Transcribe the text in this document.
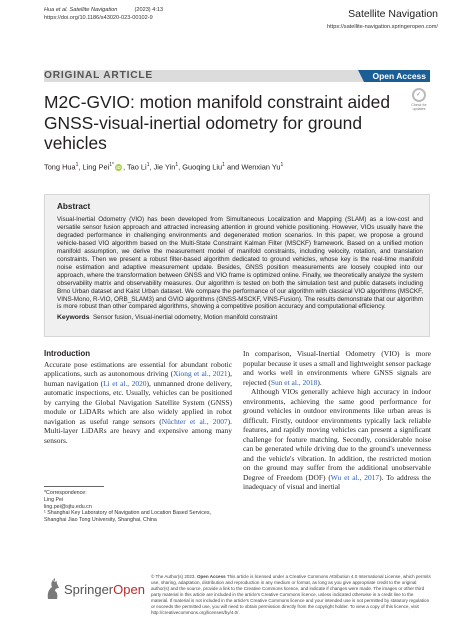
Hua et al. Satellite Navigation	(2023) 4:13
https://doi.org/10.1186/s43020-023-00102-9	Satellite Navigation
https://satellite-navigation.springeropen.com/
ORIGINAL ARTICLE	Open Access
✓
Check for updates
M2C-GVIO: motion manifold constraint aided GNSS-visual-inertial odometry for ground vehicles
Tong Hua$^1$, Ling Pei$^{1*}$ iD , Tao Li$^1$, Jie Yin$^1$, Guoqing Liu$^1$ and Wenxian Yu$^1$
Abstract
Visual-Inertial Odometry (VIO) has been developed from Simultaneous Localization and Mapping (SLAM) as a low-cost and versatile sensor fusion approach and attracted increasing attention in ground vehicle positioning. However, VIOs usually have the degraded performance in challenging environments and degenerated motion scenarios. In this paper, we propose a ground vehicle-based VIO algorithm based on the Multi-State Constraint Kalman Filter (MSCKF) framework. Based on a unified motion manifold assumption, we derive the measurement model of manifold constraints, including velocity, rotation, and translation constraints. Then we present a robust filter-based algorithm dedicated to ground vehicles, whose key is the real-time manifold noise estimation and adaptive measurement update. Besides, GNSS position measurements are loosely coupled into our approach, where the transformation between GNSS and VIO frame is optimized online. Finally, we theoretically analyze the system observability matrix and observability measures. Our algorithm is tested on both the simulation test and public datasets including Brno Urban dataset and Kaist Urban dataset. We compare the performance of our algorithm with classical VIO algorithms (MSCKF, VINS-Mono, R-VIO, ORB_SLAM3) and GVIO algorithms (GNSS-MSCKF, VINS-Fusion). The results demonstrate that our algorithm is more robust than other compared algorithms, showing a competitive position accuracy and computational efficiency.
Keywords Sensor fusion, Visual-inertial odometry, Motion manifold constraint
Introduction

Accurate pose estimations are essential for abundant robotic applications, such as autonomous driving (Xiong et al., 2021), human navigation (Li et al., 2020), unmanned drone delivery, automatic inspections, etc. Usually, vehicles can be positioned by carrying the Global Navigation Satellite System (GNSS) module or LiDARs which are also widely applied in robot navigation as useful range sensors (Nüchter et al., 2007). Multi-layer LiDARs are heavy and expensive among many sensors.

In comparison, Visual-Inertial Odometry (VIO) is more popular because it uses a small and lightweight sensor package and works well in environments where GNSS signals are rejected (Sun et al., 2018).

Although VIOs generally achieve high accuracy in indoor environments, achieving the same good performance for ground vehicles in outdoor environments like urban areas is difficult. Firstly, outdoor environments typically lack reliable features, and rapidly moving vehicles can present a significant challenge for feature matching. Secondly, considerable noise can be generated while driving due to the ground's unevenness and the vehicle's vibration. In addition, the restricted motion on the ground may suffer from the additional unobservable Degree of Freedom (DOF) (Wu et al., 2017). To address the inadequacy of visual and inertial

*Correspondence:
Ling Pei
ling.pei@sjtu.edu.cn
¹ Shanghai Key Laboratory of Navigation and Location Based Services,
Shanghai Jiao Tong University, Shanghai, China
SpringerOpen
© The Author(s) 2023. Open Access This article is licensed under a Creative Commons Attribution 4.0 International License, which permits use, sharing, adaptation, distribution and reproduction in any medium or format, as long as you give appropriate credit to the original author(s) and the source, provide a link to the Creative Commons licence, and indicate if changes were made. The images or other third party material in this article are included in the article's Creative Commons licence, unless indicated otherwise in a credit line to the material. If material is not included in the article's Creative Commons licence and your intended use is not permitted by statutory regulation or exceeds the permitted use, you will need to obtain permission directly from the copyright holder. To view a copy of this licence, visit http://creativecommons.org/licenses/by/4.0/.
